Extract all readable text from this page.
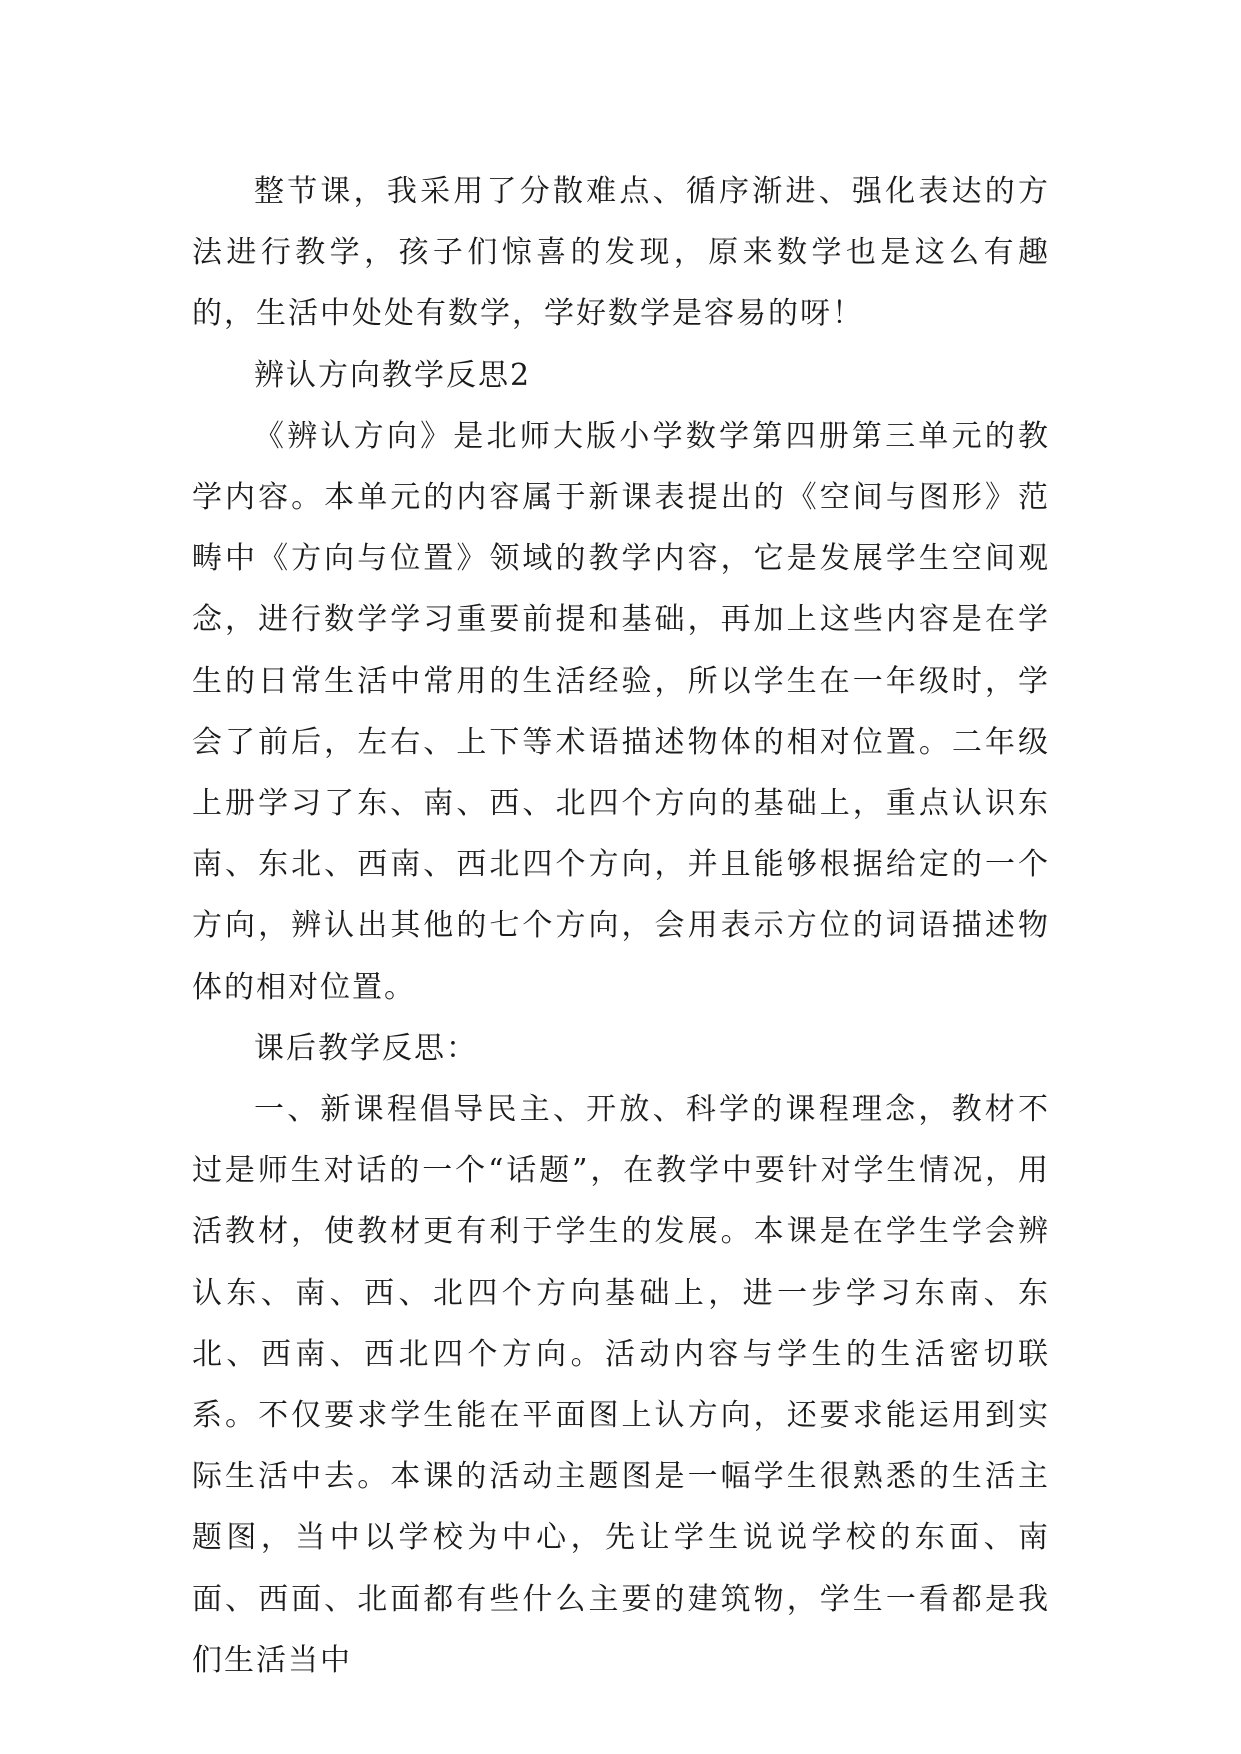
整节课，我采用了分散难点、循序渐进、强化表达的方法进行教学，孩子们惊喜的发现，原来数学也是这么有趣的，生活中处处有数学，学好数学是容易的呀！

辨认方向教学反思2

《辨认方向》是北师大版小学数学第四册第三单元的教学内容。本单元的内容属于新课表提出的《空间与图形》范畴中《方向与位置》领域的教学内容，它是发展学生空间观念，进行数学学习重要前提和基础，再加上这些内容是在学生的日常生活中常用的生活经验，所以学生在一年级时，学会了前后，左右、上下等术语描述物体的相对位置。二年级上册学习了东、南、西、北四个方向的基础上，重点认识东南、东北、西南、西北四个方向，并且能够根据给定的一个方向，辨认出其他的七个方向，会用表示方位的词语描述物体的相对位置。

课后教学反思：

一、新课程倡导民主、开放、科学的课程理念，教材不过是师生对话的一个“话题”，在教学中要针对学生情况，用活教材，使教材更有利于学生的发展。本课是在学生学会辨认东、南、西、北四个方向基础上，进一步学习东南、东北、西南、西北四个方向。活动内容与学生的生活密切联系。不仅要求学生能在平面图上认方向，还要求能运用到实际生活中去。本课的活动主题图是一幅学生很熟悉的生活主题图，当中以学校为中心，先让学生说说学校的东面、南面、西面、北面都有些什么主要的建筑物，学生一看都是我们生活当中
